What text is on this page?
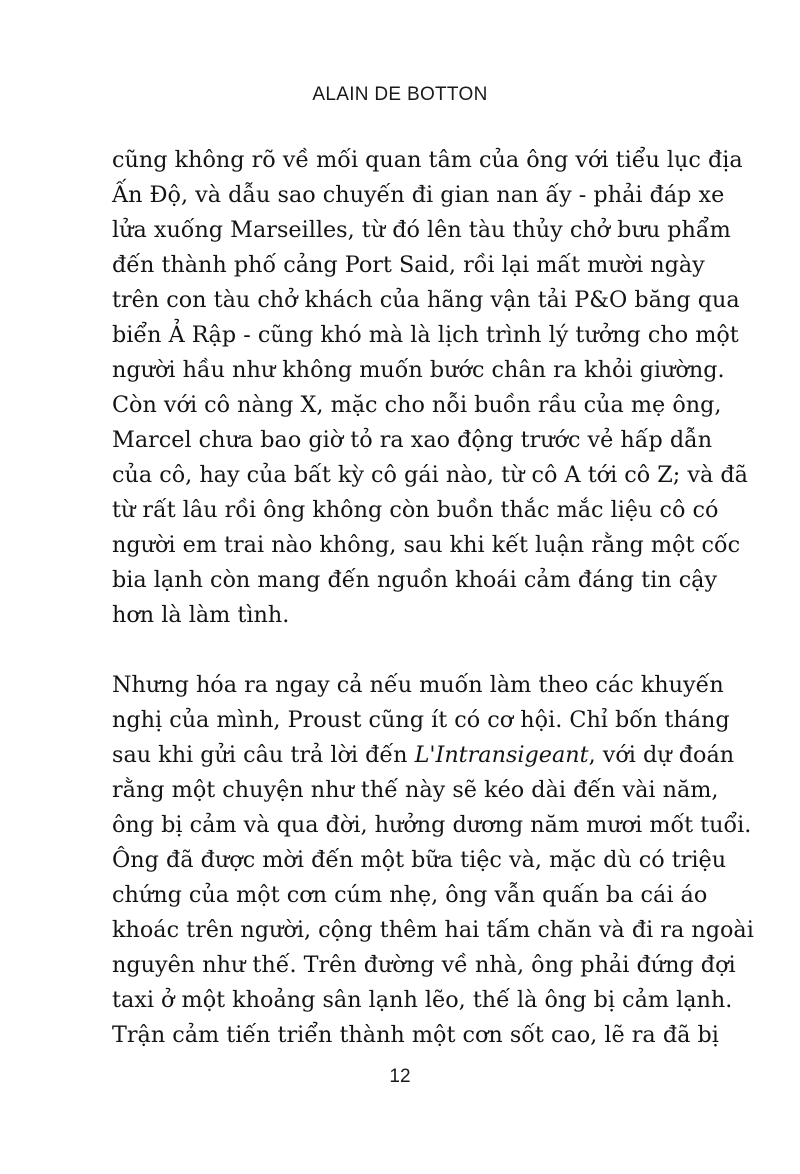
ALAIN DE BOTTON
cũng không rõ về mối quan tâm của ông với tiểu lục địa
Ấn Độ, và dẫu sao chuyến đi gian nan ấy - phải đáp xe
lửa xuống Marseilles, từ đó lên tàu thủy chở bưu phẩm
đến thành phố cảng Port Said, rồi lại mất mười ngày
trên con tàu chở khách của hãng vận tải P&O băng qua
biển Ả Rập - cũng khó mà là lịch trình lý tưởng cho một
người hầu như không muốn bước chân ra khỏi giường.
Còn với cô nàng X, mặc cho nỗi buồn rầu của mẹ ông,
Marcel chưa bao giờ tỏ ra xao động trước vẻ hấp dẫn
của cô, hay của bất kỳ cô gái nào, từ cô A tới cô Z; và đã
từ rất lâu rồi ông không còn buồn thắc mắc liệu cô có
người em trai nào không, sau khi kết luận rằng một cốc
bia lạnh còn mang đến nguồn khoái cảm đáng tin cậy
hơn là làm tình.
Nhưng hóa ra ngay cả nếu muốn làm theo các khuyến
nghị của mình, Proust cũng ít có cơ hội. Chỉ bốn tháng
sau khi gửi câu trả lời đến L'Intransigeant, với dự đoán
rằng một chuyện như thế này sẽ kéo dài đến vài năm,
ông bị cảm và qua đời, hưởng dương năm mươi mốt tuổi.
Ông đã được mời đến một bữa tiệc và, mặc dù có triệu
chứng của một cơn cúm nhẹ, ông vẫn quấn ba cái áo
khoác trên người, cộng thêm hai tấm chăn và đi ra ngoài
nguyên như thế. Trên đường về nhà, ông phải đứng đợi
taxi ở một khoảng sân lạnh lẽo, thế là ông bị cảm lạnh.
Trận cảm tiến triển thành một cơn sốt cao, lẽ ra đã bị
12
